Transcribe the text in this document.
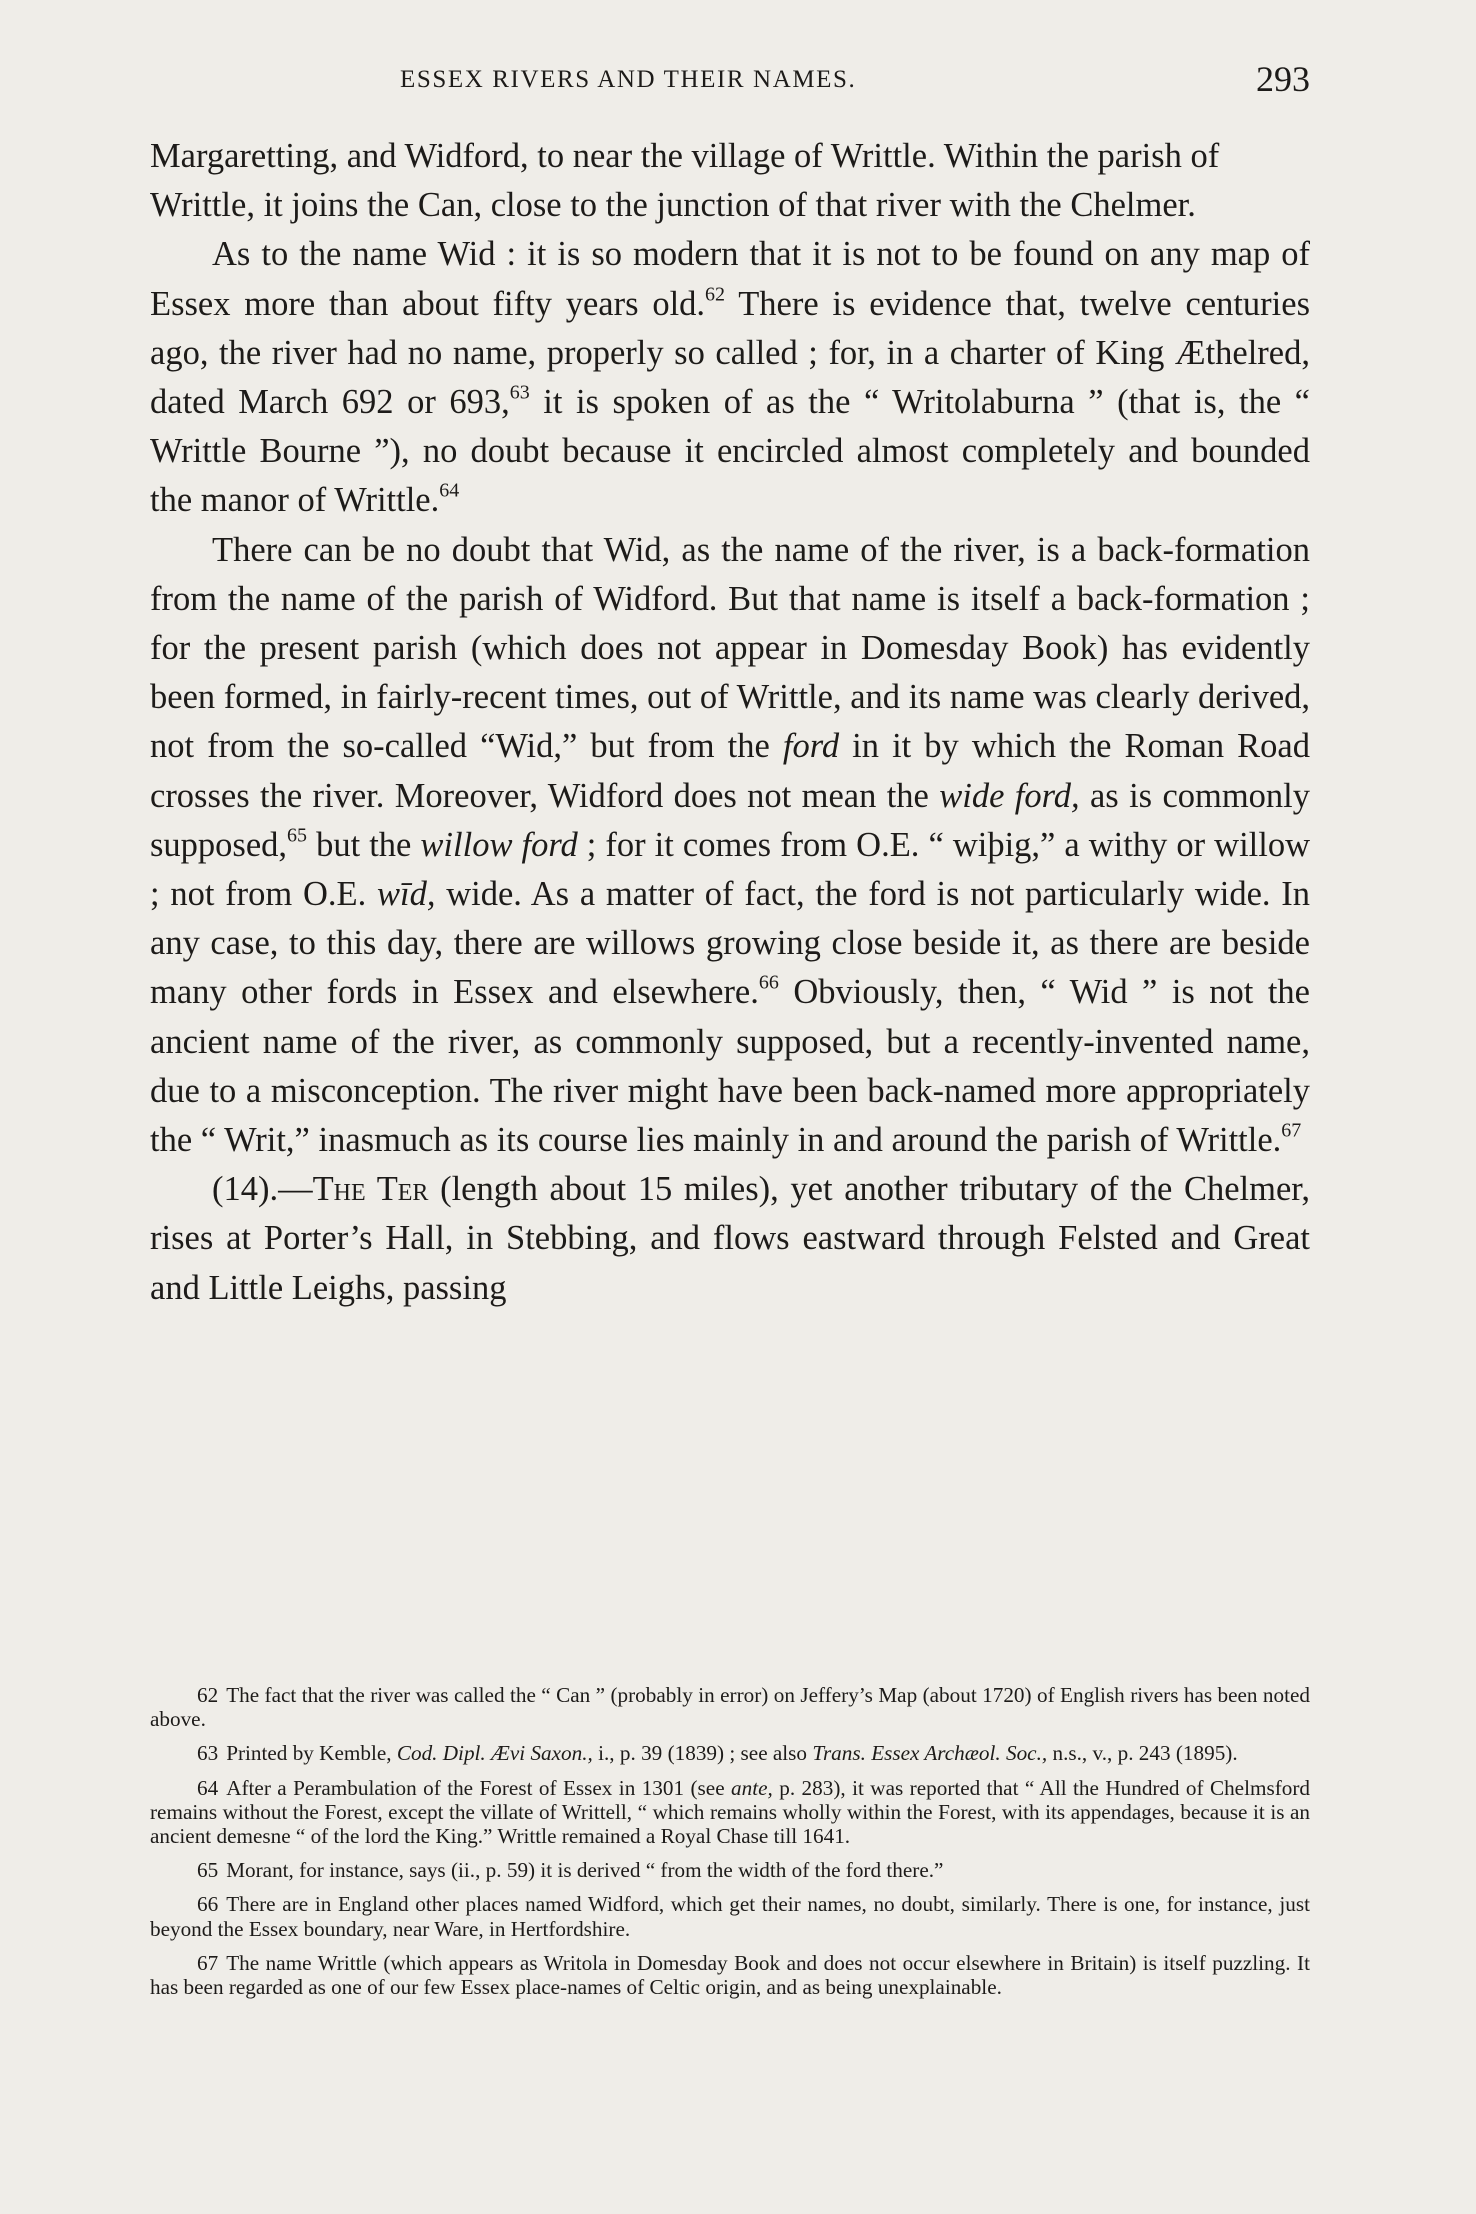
ESSEX RIVERS AND THEIR NAMES.	293

Margaretting, and Widford, to near the village of Writtle. Within the parish of Writtle, it joins the Can, close to the junction of that river with the Chelmer.

As to the name Wid : it is so modern that it is not to be found on any map of Essex more than about fifty years old.$^{62}$ There is evidence that, twelve centuries ago, the river had no name, properly so called ; for, in a charter of King Æthelred, dated March 692 or 693,63 it is spoken of as the “ Writolaburna ” (that is, the “ Writtle Bourne ”), no doubt because it encircled almost completely and bounded the manor of Writtle.$^{64}$

There can be no doubt that Wid, as the name of the river, is a back-formation from the name of the parish of Widford. But that name is itself a back-formation ; for the present parish (which does not appear in Domesday Book) has evidently been formed, in fairly-recent times, out of Writtle, and its name was clearly derived, not from the so-called “Wid,” but from the ford in it by which the Roman Road crosses the river. Moreover, Widford does not mean the wide ford, as is commonly supposed,$^{65}$ but the willow ford ; for it comes from O.E. “ wiþig,” a withy or willow ; not from O.E. wīd, wide. As a matter of fact, the ford is not particularly wide. In any case, to this day, there are willows growing close beside it, as there are beside many other fords in Essex and elsewhere.$^{66}$ Obviously, then, “ Wid ” is not the ancient name of the river, as commonly supposed, but a recently-invented name, due to a misconception. The river might have been back-named more appropriately the “ Writ,” inasmuch as its course lies mainly in and around the parish of Writtle.$^{67}$

(14).—The Ter (length about 15 miles), yet another tributary of the Chelmer, rises at Porter’s Hall, in Stebbing, and flows eastward through Felsted and Great and Little Leighs, passing

62 The fact that the river was called the “ Can ” (probably in error) on Jeffery’s Map (about 1720) of English rivers has been noted above.

63 Printed by Kemble, Cod. Dipl. Ævi Saxon., i., p. 39 (1839) ; see also Trans. Essex Archæol. Soc., n.s., v., p. 243 (1895).

64 After a Perambulation of the Forest of Essex in 1301 (see ante, p. 283), it was reported that “ All the Hundred of Chelmsford remains without the Forest, except the villate of Writtell, “ which remains wholly within the Forest, with its appendages, because it is an ancient demesne “ of the lord the King.” Writtle remained a Royal Chase till 1641.

65 Morant, for instance, says (ii., p. 59) it is derived “ from the width of the ford there.”

66 There are in England other places named Widford, which get their names, no doubt, similarly. There is one, for instance, just beyond the Essex boundary, near Ware, in Hertfordshire.

67 The name Writtle (which appears as Writola in Domesday Book and does not occur elsewhere in Britain) is itself puzzling. It has been regarded as one of our few Essex place-names of Celtic origin, and as being unexplainable.
